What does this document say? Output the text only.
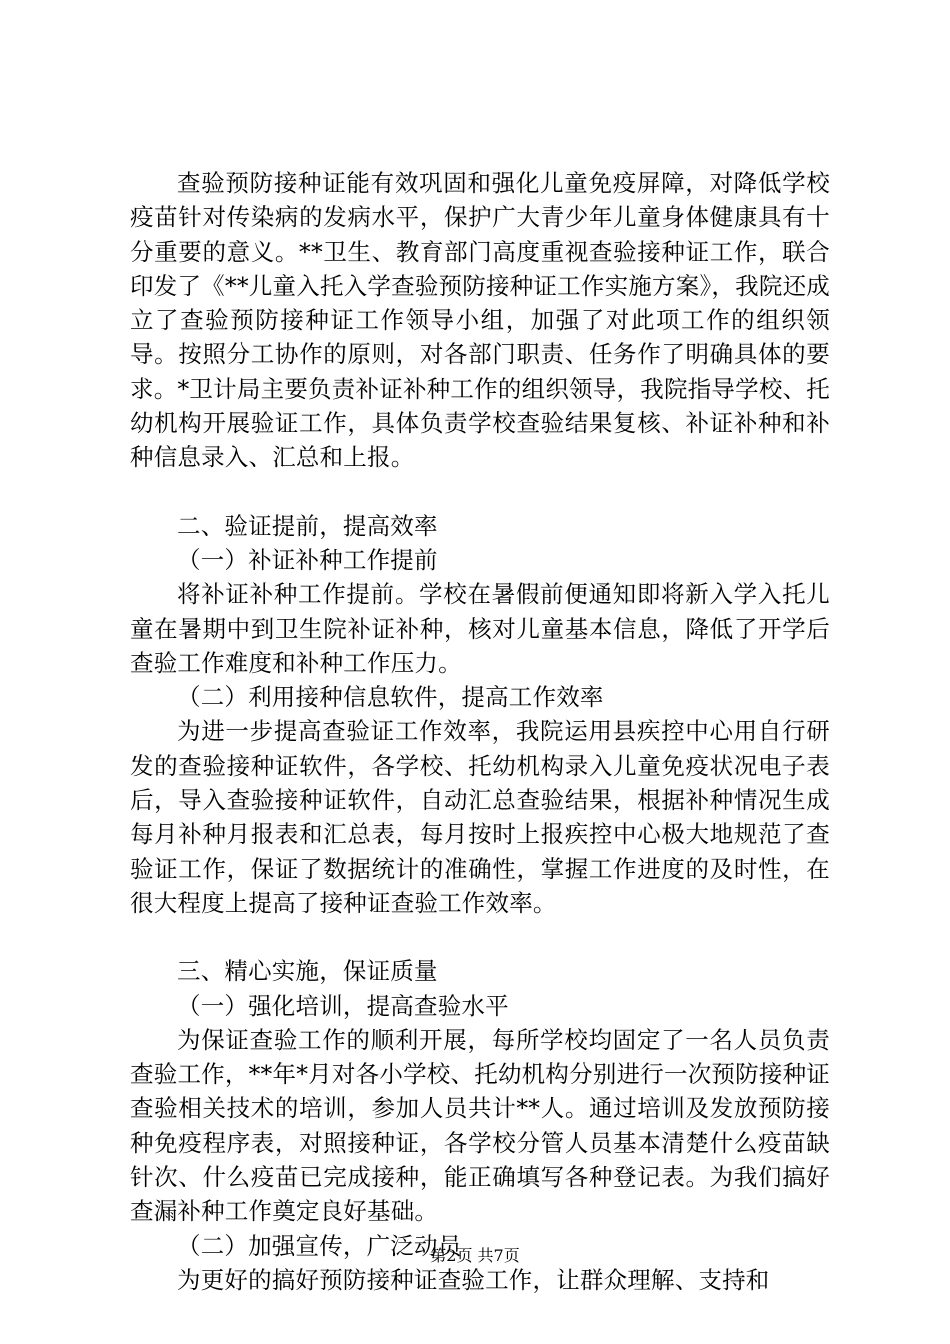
查验预防接种证能有效巩固和强化儿童免疫屏障，对降低学校疫苗针对传染病的发病水平，保护广大青少年儿童身体健康具有十分重要的意义。**卫生、教育部门高度重视查验接种证工作，联合印发了《**儿童入托入学查验预防接种证工作实施方案》，我院还成立了查验预防接种证工作领导小组，加强了对此项工作的组织领导。按照分工协作的原则，对各部门职责、任务作了明确具体的要求。*卫计局主要负责补证补种工作的组织领导，我院指导学校、托幼机构开展验证工作，具体负责学校查验结果复核、补证补种和补种信息录入、汇总和上报。

二、验证提前，提高效率

（一）补证补种工作提前

将补证补种工作提前。学校在暑假前便通知即将新入学入托儿童在暑期中到卫生院补证补种，核对儿童基本信息，降低了开学后查验工作难度和补种工作压力。

（二）利用接种信息软件，提高工作效率

为进一步提高查验证工作效率，我院运用县疾控中心用自行研发的查验接种证软件，各学校、托幼机构录入儿童免疫状况电子表后，导入查验接种证软件，自动汇总查验结果，根据补种情况生成每月补种月报表和汇总表，每月按时上报疾控中心极大地规范了查验证工作，保证了数据统计的准确性，掌握工作进度的及时性，在很大程度上提高了接种证查验工作效率。

三、精心实施，保证质量

（一）强化培训，提高查验水平

为保证查验工作的顺利开展，每所学校均固定了一名人员负责查验工作，**年*月对各小学校、托幼机构分别进行一次预防接种证查验相关技术的培训，参加人员共计**人。通过培训及发放预防接种免疫程序表，对照接种证，各学校分管人员基本清楚什么疫苗缺针次、什么疫苗已完成接种，能正确填写各种登记表。为我们搞好查漏补种工作奠定良好基础。

（二）加强宣传，广泛动员

为更好的搞好预防接种证查验工作，让群众理解、支持和

第2页 共7页
